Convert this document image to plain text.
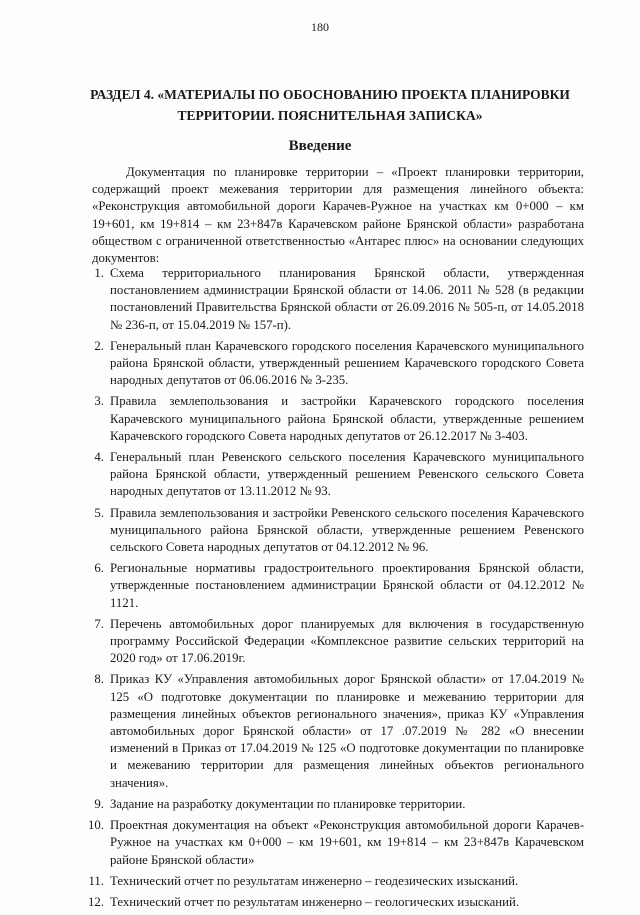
180
РАЗДЕЛ 4. «МАТЕРИАЛЫ ПО ОБОСНОВАНИЮ ПРОЕКТА ПЛАНИРОВКИ ТЕРРИТОРИИ. ПОЯСНИТЕЛЬНАЯ ЗАПИСКА»
Введение

Документация по планировке территории – «Проект планировки территории, содержащий проект межевания территории для размещения линейного объекта: «Реконструкция автомобильной дороги Карачев-Ружное на участках км 0+000 – км 19+601, км 19+814 – км 23+847в Карачевском районе Брянской области» разработана обществом с ограниченной ответственностью «Антарес плюс» на основании следующих документов:

1. Схема территориального планирования Брянской области, утвержденная постановлением администрации Брянской области от 14.06. 2011 № 528 (в редакции постановлений Правительства Брянской области от 26.09.2016 № 505-п, от 14.05.2018 № 236-п, от 15.04.2019 № 157-п).
2. Генеральный план Карачевского городского поселения Карачевского муниципального района Брянской области, утвержденный решением Карачевского городского Совета народных депутатов от 06.06.2016 № 3-235.
3. Правила землепользования и застройки Карачевского городского поселения Карачевского муниципального района Брянской области, утвержденные решением Карачевского городского Совета народных депутатов от 26.12.2017 № 3-403.
4. Генеральный план Ревенского сельского поселения Карачевского муниципального района Брянской области, утвержденный решением Ревенского сельского Совета народных депутатов от 13.11.2012 № 93.
5. Правила землепользования и застройки Ревенского сельского поселения Карачевского муниципального района Брянской области, утвержденные решением Ревенского сельского Совета народных депутатов от 04.12.2012 № 96.
6. Региональные нормативы градостроительного проектирования Брянской области, утвержденные постановлением администрации Брянской области от 04.12.2012 № 1121.
7. Перечень автомобильных дорог планируемых для включения в государственную программу Российской Федерации «Комплексное развитие сельских территорий на 2020 год» от 17.06.2019г.
8. Приказ КУ «Управления автомобильных дорог Брянской области» от 17.04.2019 № 125 «О подготовке документации по планировке и межеванию территории для размещения линейных объектов регионального значения», приказ КУ «Управления автомобильных дорог Брянской области» от 17 .07.2019 № 282 «О внесении изменений в Приказ от 17.04.2019 № 125 «О подготовке документации по планировке и межеванию территории для размещения линейных объектов регионального значения».
9. Задание на разработку документации по планировке территории.
10. Проектная документация на объект «Реконструкция автомобильной дороги Карачев-Ружное на участках км 0+000 – км 19+601, км 19+814 – км 23+847в Карачевском районе Брянской области»
11. Технический отчет по результатам инженерно – геодезических изысканий.
12. Технический отчет по результатам инженерно – геологических изысканий.
